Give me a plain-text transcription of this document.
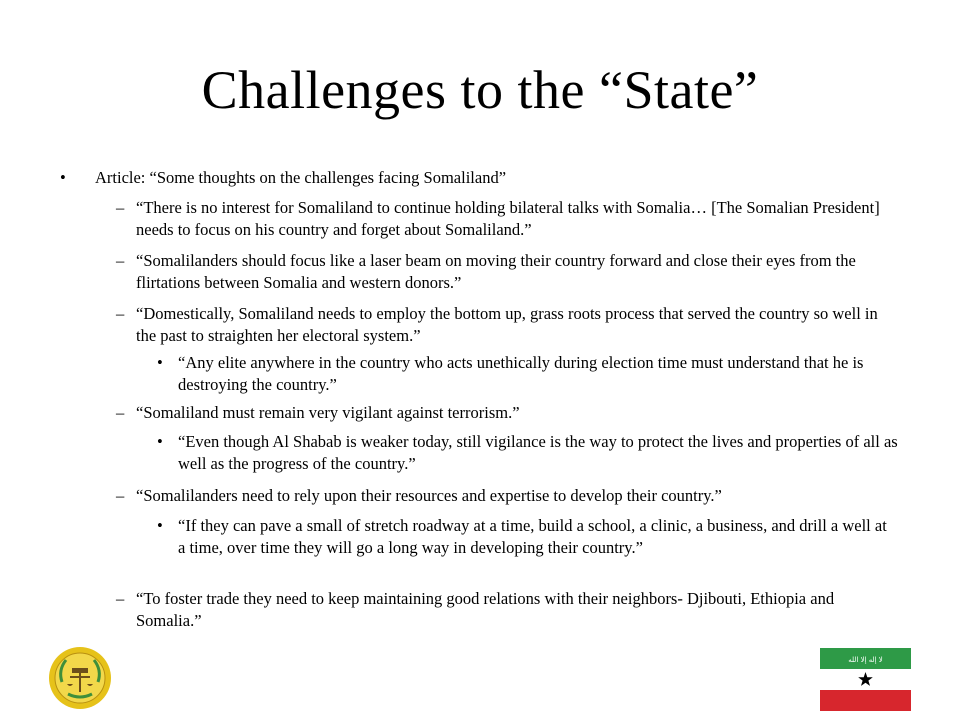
Challenges to the “State”
• Article: “Some thoughts on the challenges facing Somaliland”
– “There is no interest for Somaliland to continue holding bilateral talks with Somalia… [The Somalian President] needs to focus on his country and forget about Somaliland.”
– “Somalilanders should focus like a laser beam on moving their country forward and close their eyes from the flirtations between Somalia and western donors.”
– “Domestically, Somaliland needs to employ the bottom up, grass roots process that served the country so well in the past to straighten her electoral system.”
• “Any elite anywhere in the country who acts unethically during election time must understand that he is destroying the country.”
– “Somaliland must remain very vigilant against terrorism.”
• “Even though Al Shabab is weaker today, still vigilance is the way to protect the lives and properties of all as well as the progress of the country.”
– “Somalilanders need to rely upon their resources and expertise to develop their country.”
• “If they can pave a small of stretch roadway at a time, build a school, a clinic, a business, and drill a well at a time, over time they will go a long way in developing their country.”
– “To foster trade they need to keep maintaining good relations with their neighbors- Djibouti, Ethiopia and Somalia.”
لا إله إلا الله
